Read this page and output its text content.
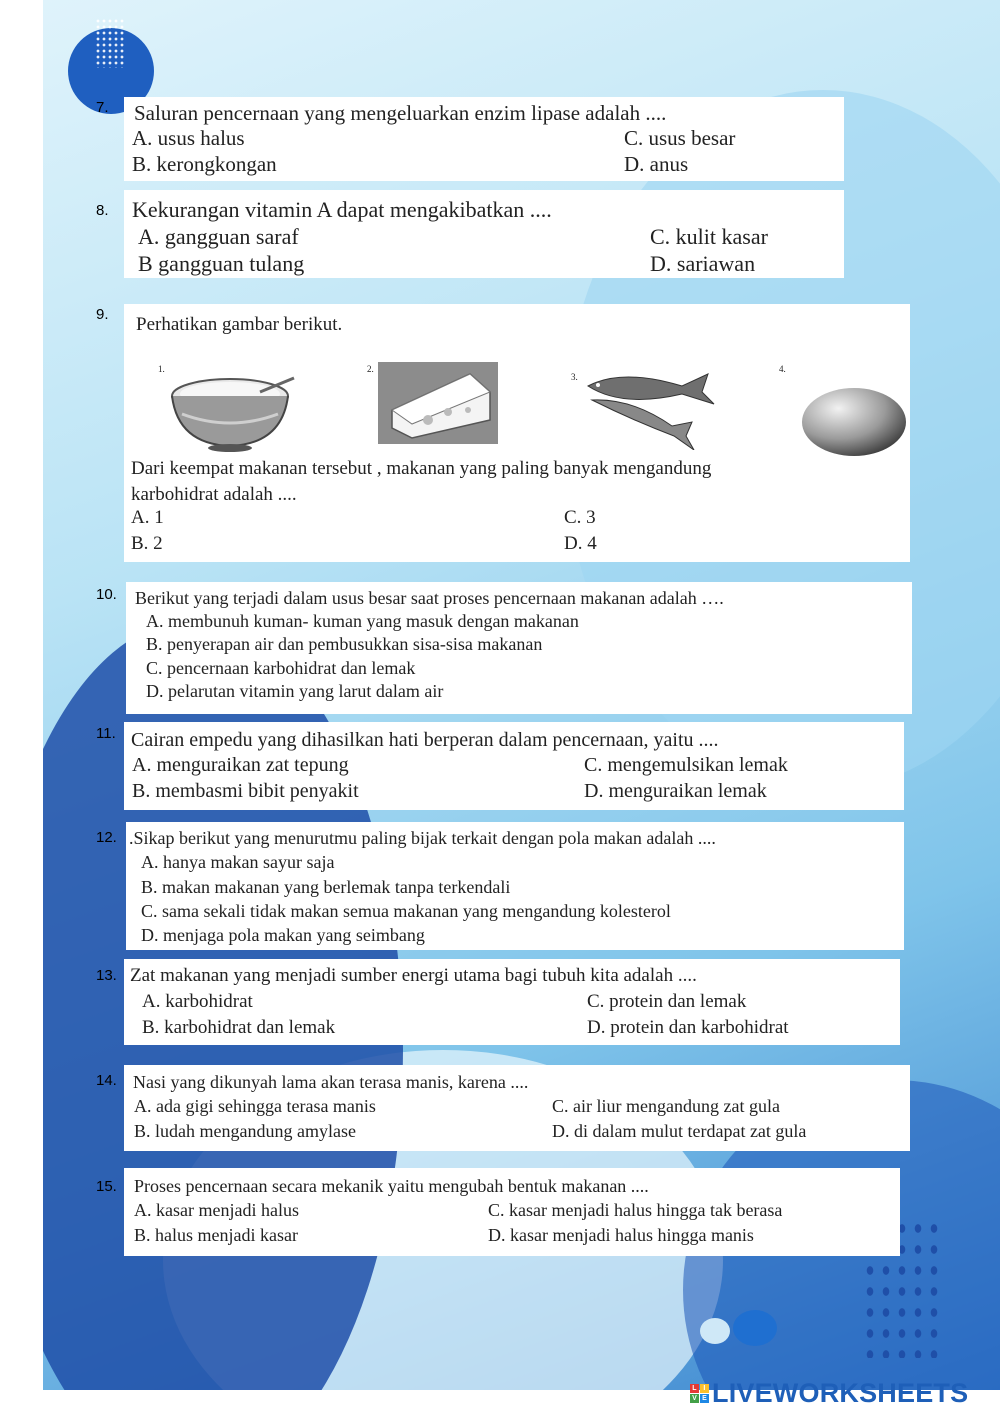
7. Saluran pencernaan yang mengeluarkan enzim lipase adalah ....
A. usus halus
B. kerongkongan
C. usus besar
D. anus
8. Kekurangan vitamin A dapat mengakibatkan ....
A. gangguan saraf
B gangguan tulang
C. kulit kasar
D. sariawan
9. Perhatikan gambar berikut.
1.	2.
3.
4.
Dari keempat makanan tersebut , makanan yang paling banyak mengandung
karbohidrat adalah ....
A. 1
B. 2
C. 3
D. 4
10. Berikut yang terjadi dalam usus besar saat proses pencernaan makanan adalah ….
A. membunuh kuman- kuman yang masuk dengan makanan
B. penyerapan air dan pembusukkan sisa-sisa makanan
C. pencernaan karbohidrat dan lemak
D. pelarutan vitamin yang larut dalam air
11. Cairan empedu yang dihasilkan hati berperan dalam pencernaan, yaitu ....
A. menguraikan zat tepung
B. membasmi bibit penyakit
C. mengemulsikan lemak
D. menguraikan lemak
12. .Sikap berikut yang menurutmu paling bijak terkait dengan pola makan adalah ....
A. hanya makan sayur saja
B. makan makanan yang berlemak tanpa terkendali
C. sama sekali tidak makan semua makanan yang mengandung kolesterol
D. menjaga pola makan yang seimbang
13. Zat makanan yang menjadi sumber energi utama bagi tubuh kita adalah ....
A. karbohidrat
B. karbohidrat dan lemak
C. protein dan lemak
D. protein dan karbohidrat
14. Nasi yang dikunyah lama akan terasa manis, karena ....
A. ada gigi sehingga terasa manis
B. ludah mengandung amylase
C. air liur mengandung zat gula
D. di dalam mulut terdapat zat gula
15. Proses pencernaan secara mekanik yaitu mengubah bentuk makanan ....
A. kasar menjadi halus
B. halus menjadi kasar
C. kasar menjadi halus hingga tak berasa
D. kasar menjadi halus hingga manis
L I
V E LIVEWORKSHEETS
